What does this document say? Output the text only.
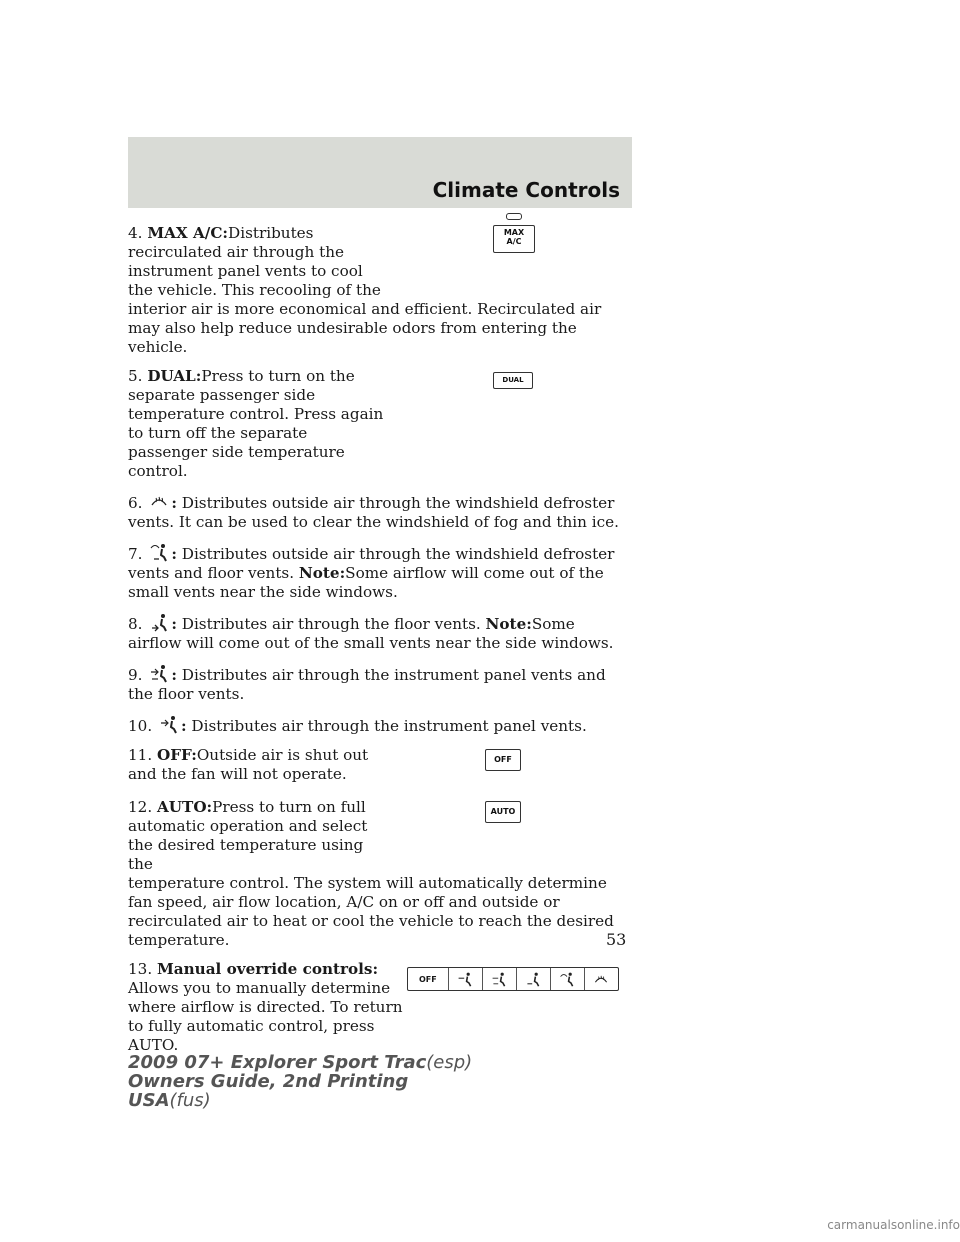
Climate Controls
4. MAX A/C:Distributes recirculated air through the instrument panel vents to cool the vehicle. This recooling of the
MAX
A/C

interior air is more economical and efficient. Recirculated air may also help reduce undesirable odors from entering the vehicle.

5. DUAL:Press to turn on the separate passenger side temperature control. Press again to turn off the separate passenger side temperature control.
DUAL

6. : Distributes outside air through the windshield defroster vents. It can be used to clear the windshield of fog and thin ice.

7. : Distributes outside air through the windshield defroster vents and floor vents. Note:Some airflow will come out of the small vents near the side windows.

8. : Distributes air through the floor vents. Note:Some airflow will come out of the small vents near the side windows.

9. : Distributes air through the instrument panel vents and the floor vents.

10. : Distributes air through the instrument panel vents.

11. OFF:Outside air is shut out and the fan will not operate.
OFF
12. AUTO:Press to turn on full automatic operation and select the desired temperature using the
AUTO

temperature control. The system will automatically determine fan speed, air flow location, A/C on or off and outside or recirculated air to heat or cool the vehicle to reach the desired temperature.

13. Manual override controls:
Allows you to manually determine where airflow is directed. To return to fully automatic control, press AUTO.
OFF
53
2009 07+ Explorer Sport Trac(esp)
Owners Guide, 2nd Printing
USA(fus)
carmanualsonline.info
